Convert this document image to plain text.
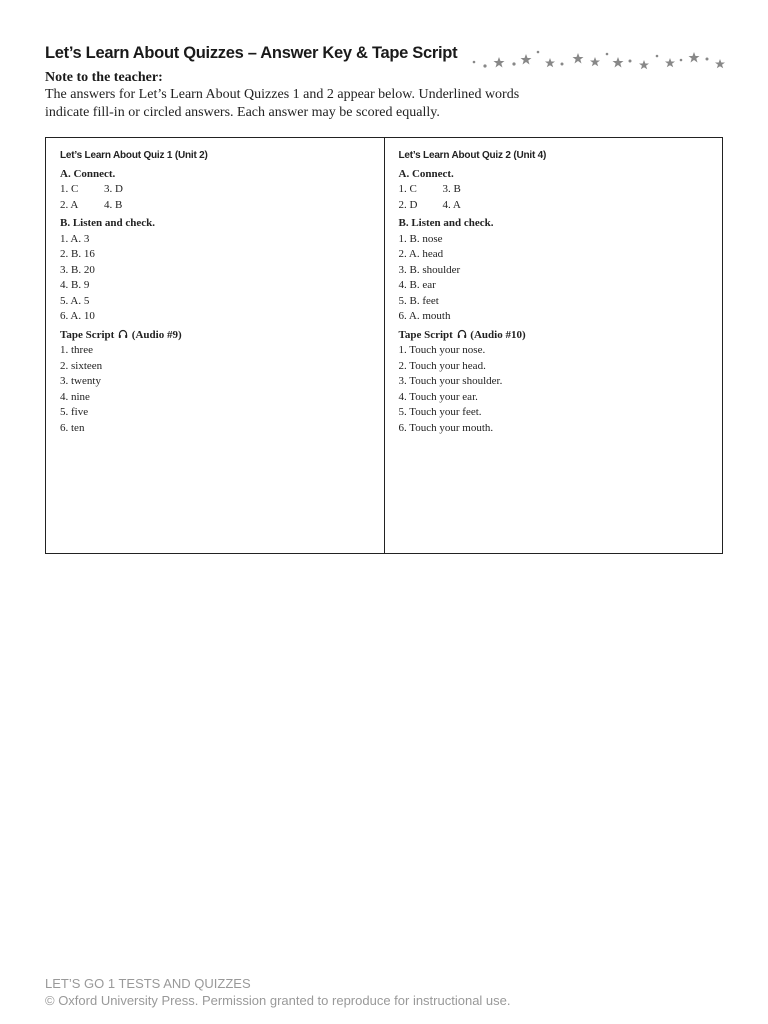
Let’s Learn About Quizzes – Answer Key & Tape Script
Note to the teacher:
The answers for Let’s Learn About Quizzes 1 and 2 appear below. Underlined words indicate fill-in or circled answers. Each answer may be scored equally.
Let’s Learn About Quiz 1 (Unit 2)
A. Connect.
1. C 3. D
2. A 4. B
B. Listen and check.
1. A. 3
2. B. 16
3. B. 20
4. B. 9
5. A. 5
6. A. 10
Tape Script (Audio #9)
1. three
2. sixteen
3. twenty
4. nine
5. five
6. ten
Let’s Learn About Quiz 2 (Unit 4)
A. Connect.
1. C 3. B
2. D 4. A
B. Listen and check.
1. B. nose
2. A. head
3. B. shoulder
4. B. ear
5. B. feet
6. A. mouth
Tape Script (Audio #10)
1. Touch your nose.
2. Touch your head.
3. Touch your shoulder.
4. Touch your ear.
5. Touch your feet.
6. Touch your mouth.
LET’S GO 1 TESTS AND QUIZZES
© Oxford University Press. Permission granted to reproduce for instructional use.
